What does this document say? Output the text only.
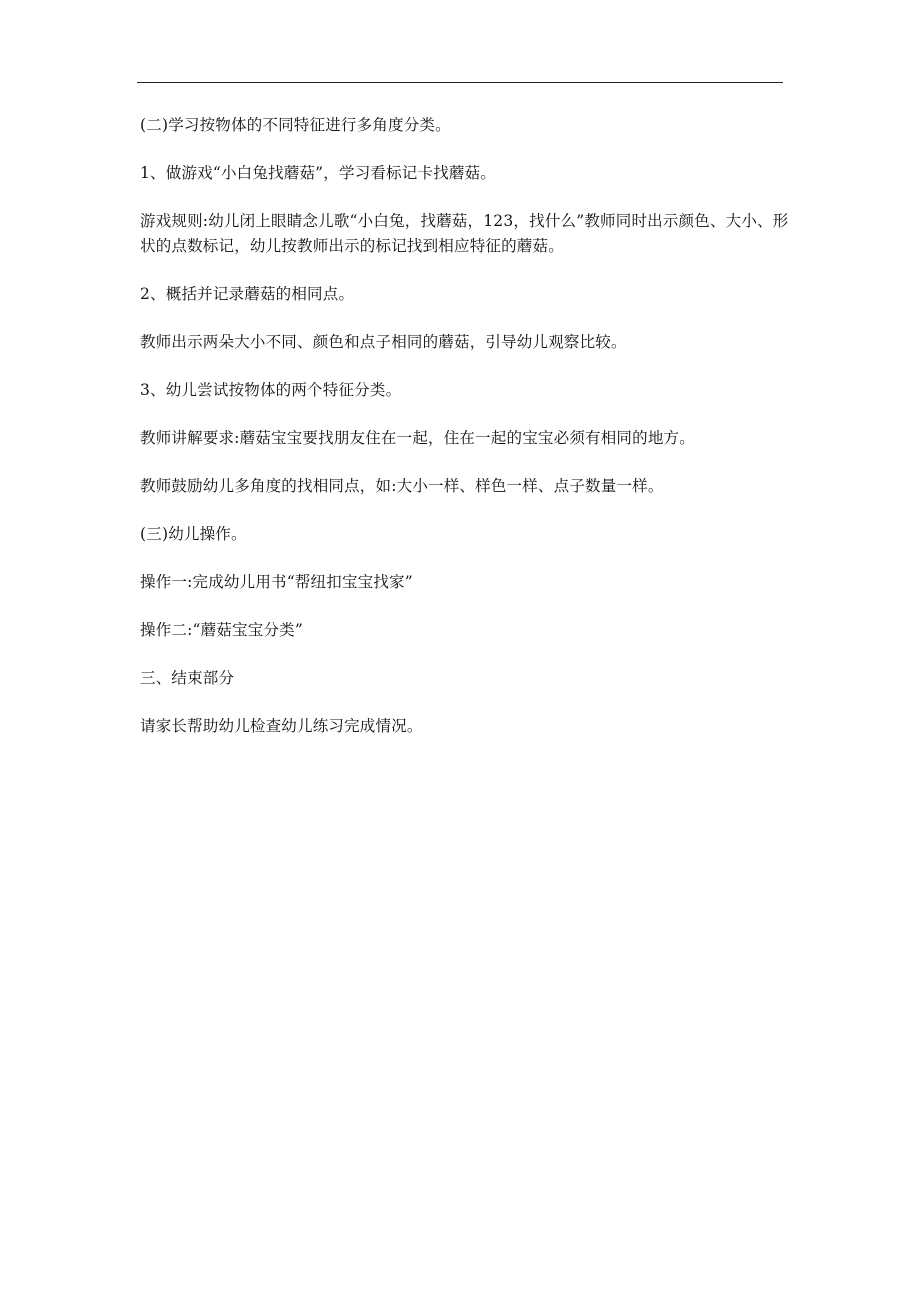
(二)学习按物体的不同特征进行多角度分类。

1、做游戏“小白兔找蘑菇”，学习看标记卡找蘑菇。

游戏规则:幼儿闭上眼睛念儿歌“小白兔，找蘑菇，123，找什么”教师同时出示颜色、大小、形状的点数标记，幼儿按教师出示的标记找到相应特征的蘑菇。

2、概括并记录蘑菇的相同点。

教师出示两朵大小不同、颜色和点子相同的蘑菇，引导幼儿观察比较。

3、幼儿尝试按物体的两个特征分类。

教师讲解要求:蘑菇宝宝要找朋友住在一起，住在一起的宝宝必须有相同的地方。

教师鼓励幼儿多角度的找相同点，如:大小一样、样色一样、点子数量一样。

(三)幼儿操作。

操作一:完成幼儿用书“帮纽扣宝宝找家”

操作二:“蘑菇宝宝分类”

三、结束部分

请家长帮助幼儿检查幼儿练习完成情况。
